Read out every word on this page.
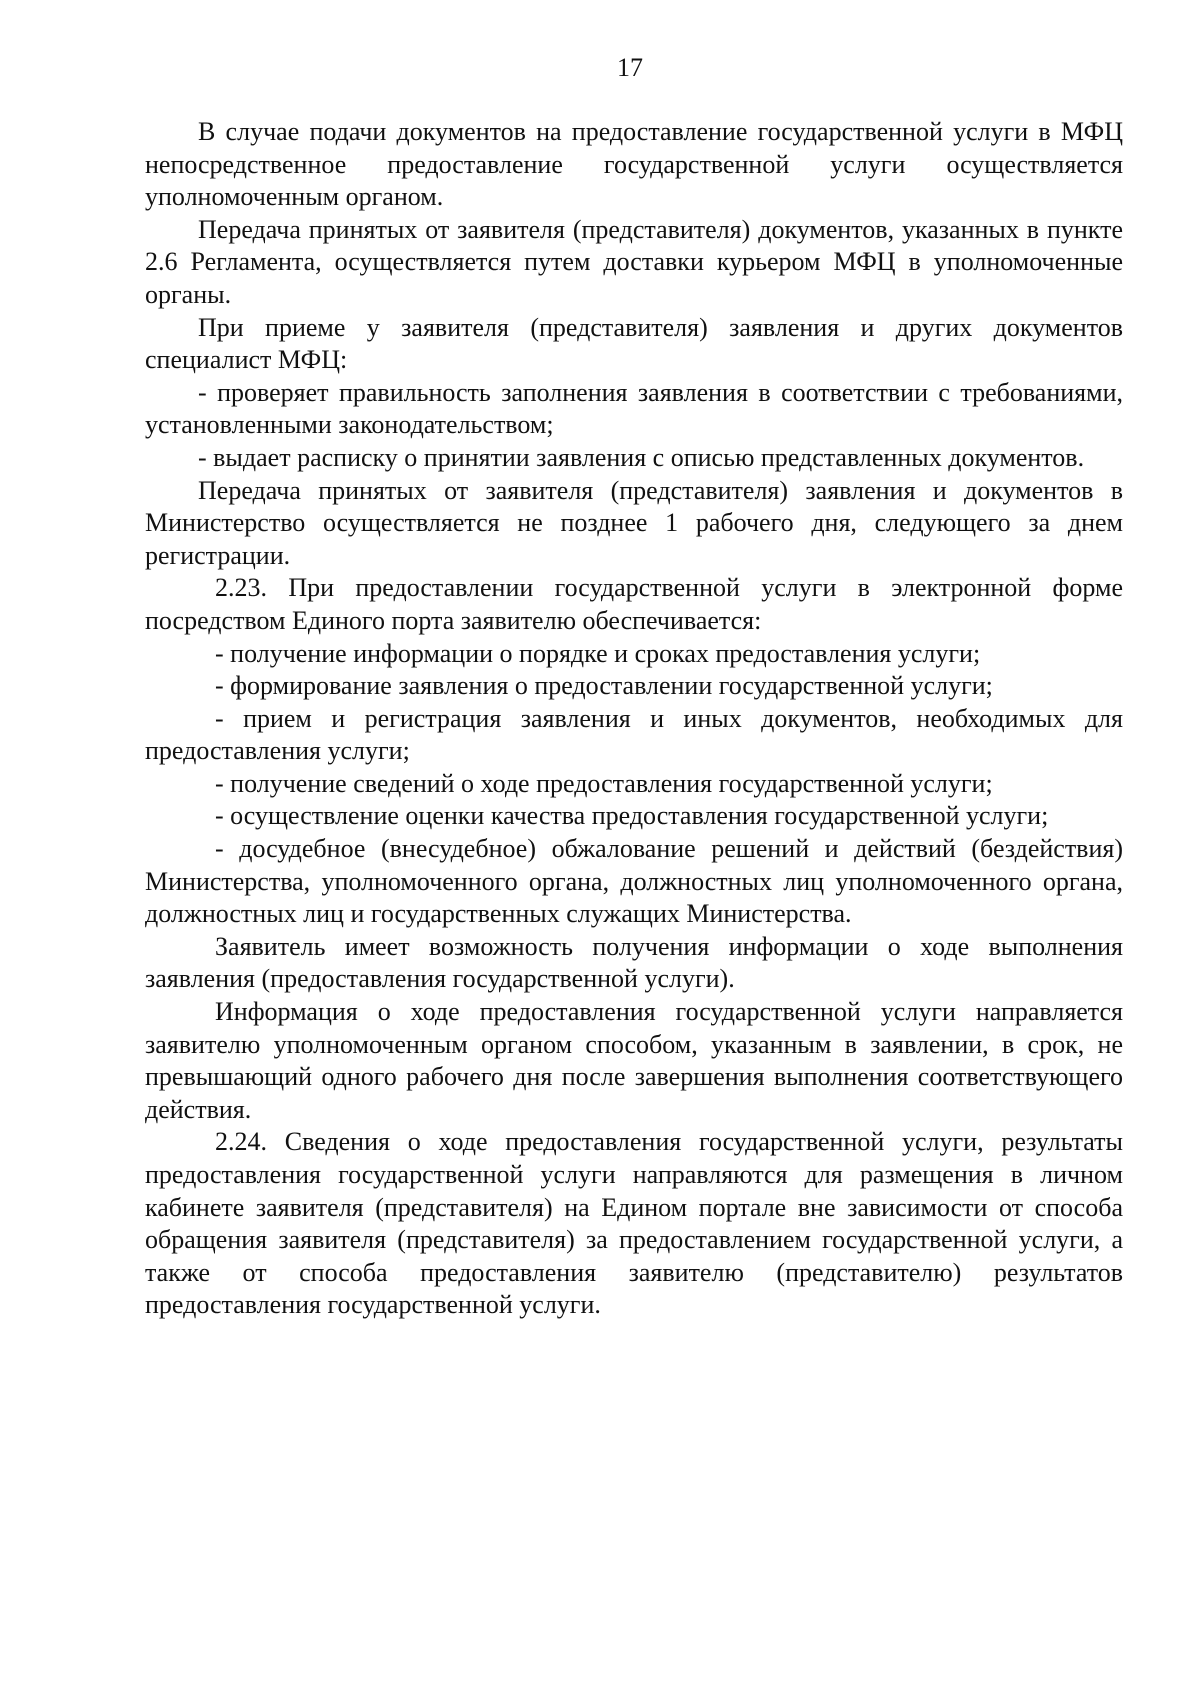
17

В случае подачи документов на предоставление государственной услуги в МФЦ непосредственное предоставление государственной услуги осуществляется уполномоченным органом.

Передача принятых от заявителя (представителя) документов, указанных в пункте 2.6 Регламента, осуществляется путем доставки курьером МФЦ в уполномоченные органы.

При приеме у заявителя (представителя) заявления и других документов специалист МФЦ:

- проверяет правильность заполнения заявления в соответствии с требованиями, установленными законодательством;

- выдает расписку о принятии заявления с описью представленных документов.

Передача принятых от заявителя (представителя) заявления и документов в Министерство осуществляется не позднее 1 рабочего дня, следующего за днем регистрации.

2.23. При предоставлении государственной услуги в электронной форме посредством Единого порта заявителю обеспечивается:

- получение информации о порядке и сроках предоставления услуги;

- формирование заявления о предоставлении государственной услуги;

- прием и регистрация заявления и иных документов, необходимых для предоставления услуги;

- получение сведений о ходе предоставления государственной услуги;

- осуществление оценки качества предоставления государственной услуги;

- досудебное (внесудебное) обжалование решений и действий (бездействия) Министерства, уполномоченного органа, должностных лиц уполномоченного органа, должностных лиц и государственных служащих Министерства.

Заявитель имеет возможность получения информации о ходе выполнения заявления (предоставления государственной услуги).

Информация о ходе предоставления государственной услуги направляется заявителю уполномоченным органом способом, указанным в заявлении, в срок, не превышающий одного рабочего дня после завершения выполнения соответствующего действия.

2.24. Сведения о ходе предоставления государственной услуги, результаты предоставления государственной услуги направляются для размещения в личном кабинете заявителя (представителя) на Едином портале вне зависимости от способа обращения заявителя (представителя) за предоставлением государственной услуги, а также от способа предоставления заявителю (представителю) результатов предоставления государственной услуги.
